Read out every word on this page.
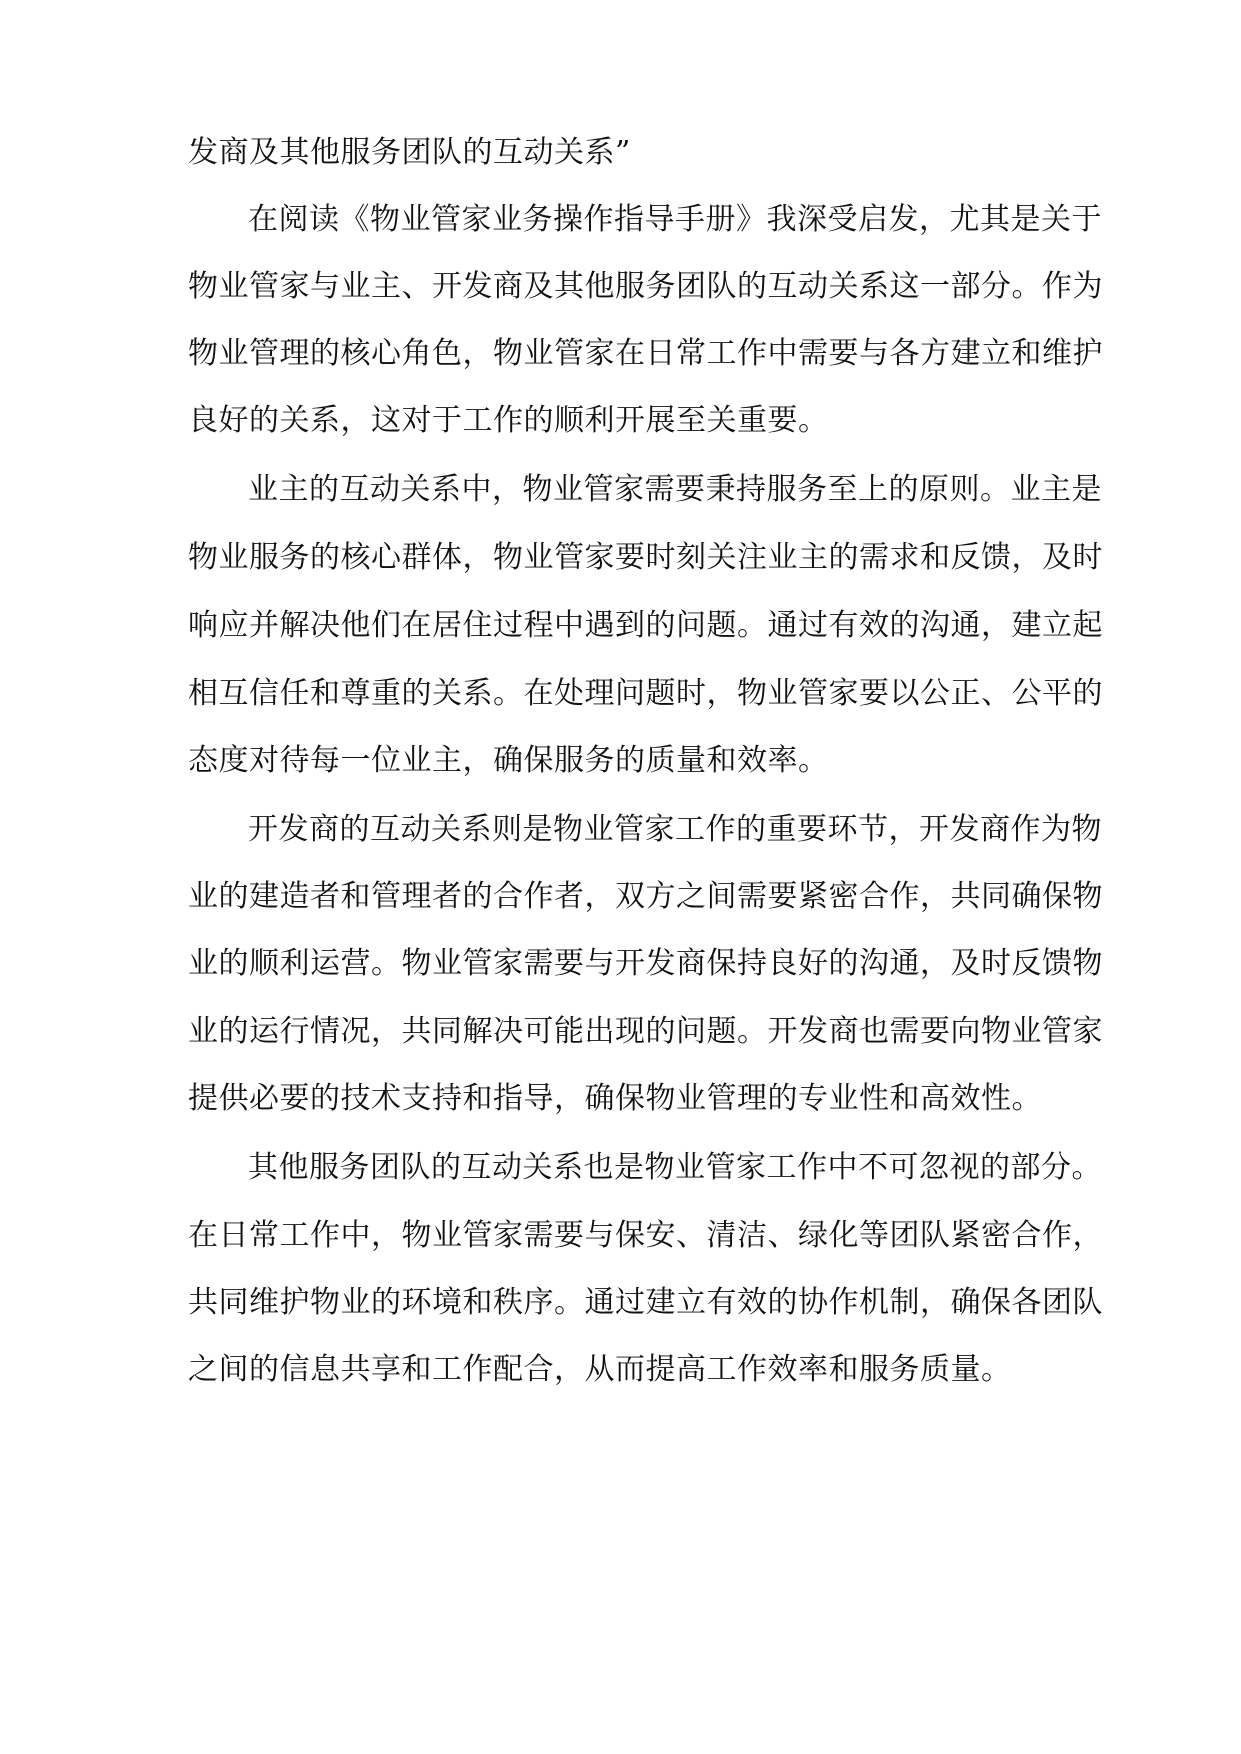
发商及其他服务团队的互动关系”
在阅读《物业管家业务操作指导手册》我深受启发，尤其是关于
物业管家与业主、开发商及其他服务团队的互动关系这一部分。作为
物业管理的核心角色，物业管家在日常工作中需要与各方建立和维护
良好的关系，这对于工作的顺利开展至关重要。
业主的互动关系中，物业管家需要秉持服务至上的原则。业主是
物业服务的核心群体，物业管家要时刻关注业主的需求和反馈，及时
响应并解决他们在居住过程中遇到的问题。通过有效的沟通，建立起
相互信任和尊重的关系。在处理问题时，物业管家要以公正、公平的
态度对待每一位业主，确保服务的质量和效率。
开发商的互动关系则是物业管家工作的重要环节，开发商作为物
业的建造者和管理者的合作者，双方之间需要紧密合作，共同确保物
业的顺利运营。物业管家需要与开发商保持良好的沟通，及时反馈物
业的运行情况，共同解决可能出现的问题。开发商也需要向物业管家
提供必要的技术支持和指导，确保物业管理的专业性和高效性。
其他服务团队的互动关系也是物业管家工作中不可忽视的部分。
在日常工作中，物业管家需要与保安、清洁、绿化等团队紧密合作，
共同维护物业的环境和秩序。通过建立有效的协作机制，确保各团队
之间的信息共享和工作配合，从而提高工作效率和服务质量。
